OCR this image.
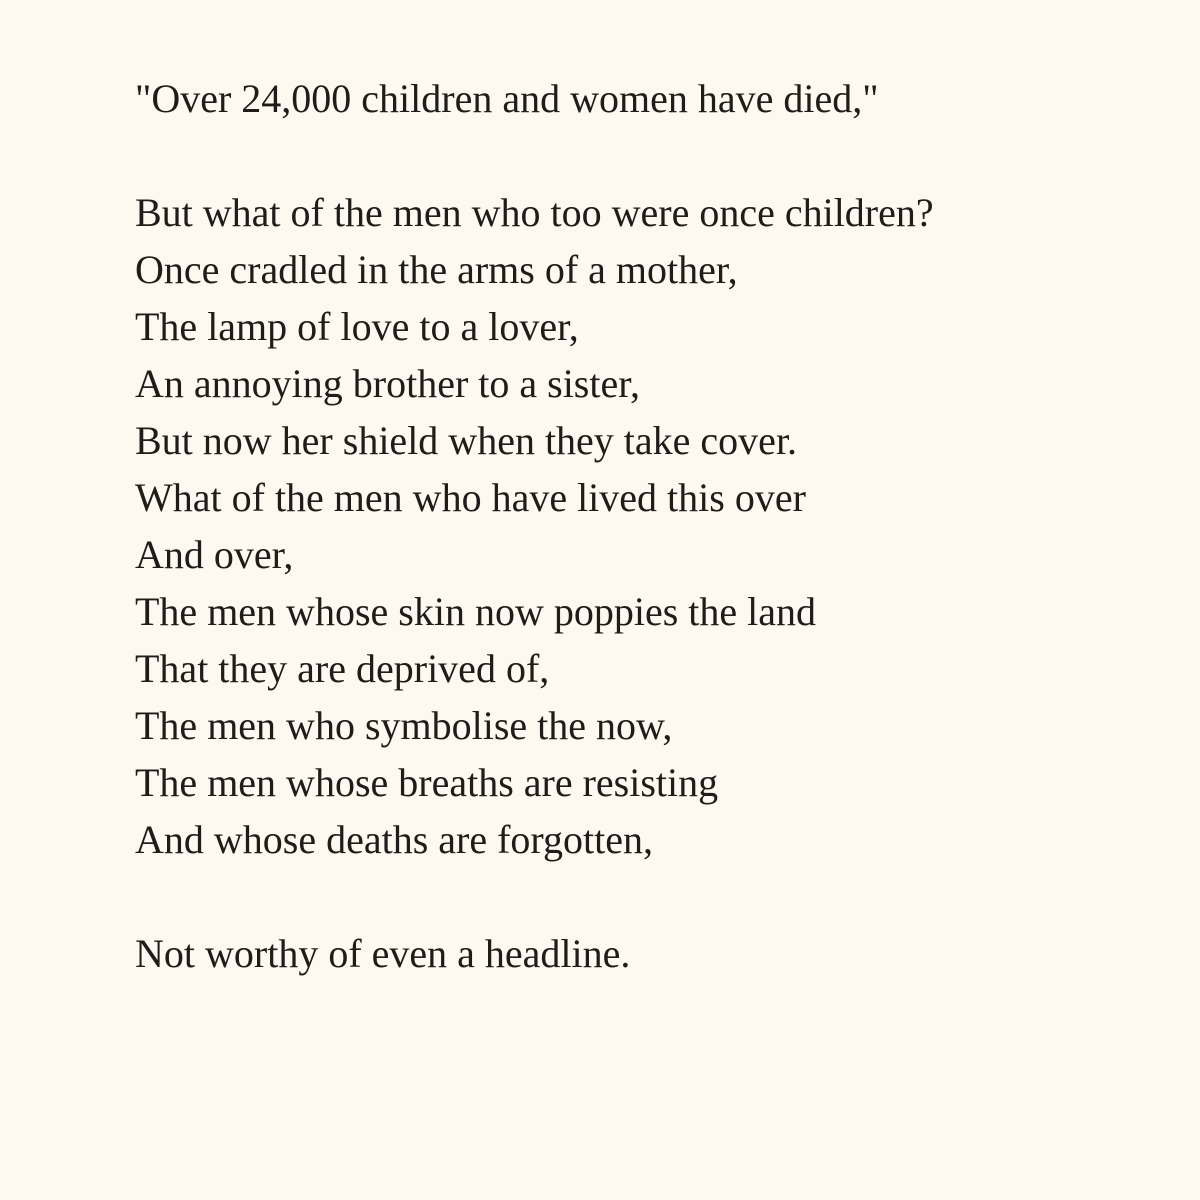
"Over 24,000 children and women have died,"
But what of the men who too were once children?
Once cradled in the arms of a mother,
The lamp of love to a lover,
An annoying brother to a sister,
But now her shield when they take cover.
What of the men who have lived this over
And over,
The men whose skin now poppies the land
That they are deprived of,
The men who symbolise the now,
The men whose breaths are resisting
And whose deaths are forgotten,
Not worthy of even a headline.
